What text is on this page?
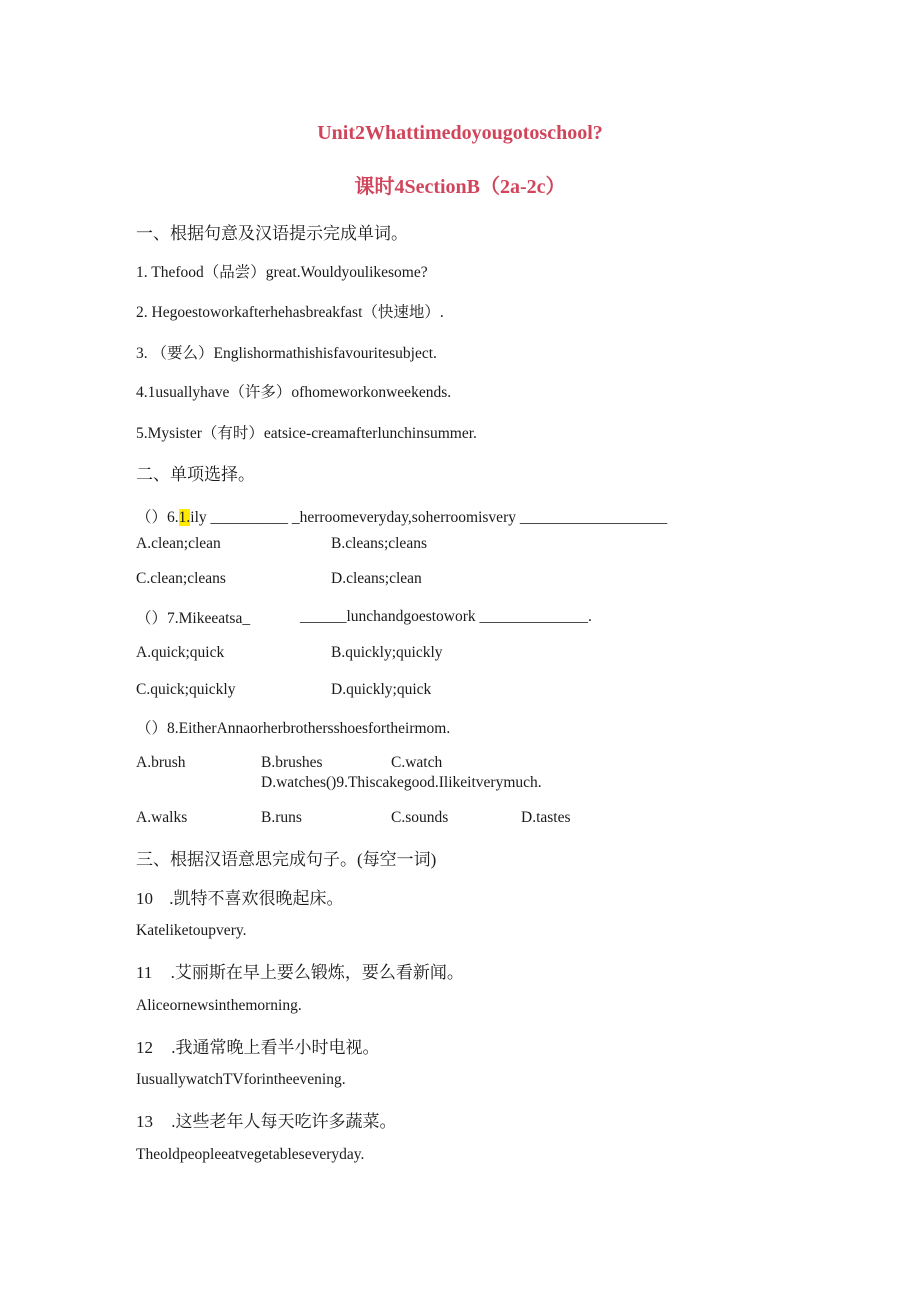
Unit2Whattimedoyougotoschool?
课时4SectionB（2a-2c）
一、根据句意及汉语提示完成单词。
1. Thefood（品尝）great.Wouldyoulikesome?
2. Hegoestoworkafterhehasbreakfast（快速地）.
3. （要么）Englishormathishisfavouritesubject.
4.1usuallyhave（许多）ofhomeworkonweekends.
5.Mysister（有时）eatsice-creamafterlunchinsummer.
二、单项选择。
（）6.1.ily __________ _herroomeveryday,soherroomisvery ___________________
A.clean;clean	B.cleans;cleans
C.clean;cleans	D.cleans;clean
（）7.Mikeeatsa_	______lunchandgoestowork ______________.
A.quick;quick	B.quickly;quickly
C.quick;quickly	D.quickly;quick
（）8.EitherAnnaorherbrothersshoesfortheirmom.
A.brush	B.brushes	C.watch
D.watches()9.Thiscakegood.Ilikeitverymuch.
A.walks	B.runs	C.sounds	D.tastes
三、根据汉语意思完成句子。(每空一词)
10 .凯特不喜欢很晚起床。
Kateliketoupvery.
11 .艾丽斯在早上要么锻炼，要么看新闻。
Aliceornewsinthemorning.
12 .我通常晚上看半小时电视。
IusuallywatchTVforintheevening.
13 .这些老年人每天吃许多蔬菜。
Theoldpeopleeatvegetableseveryday.
